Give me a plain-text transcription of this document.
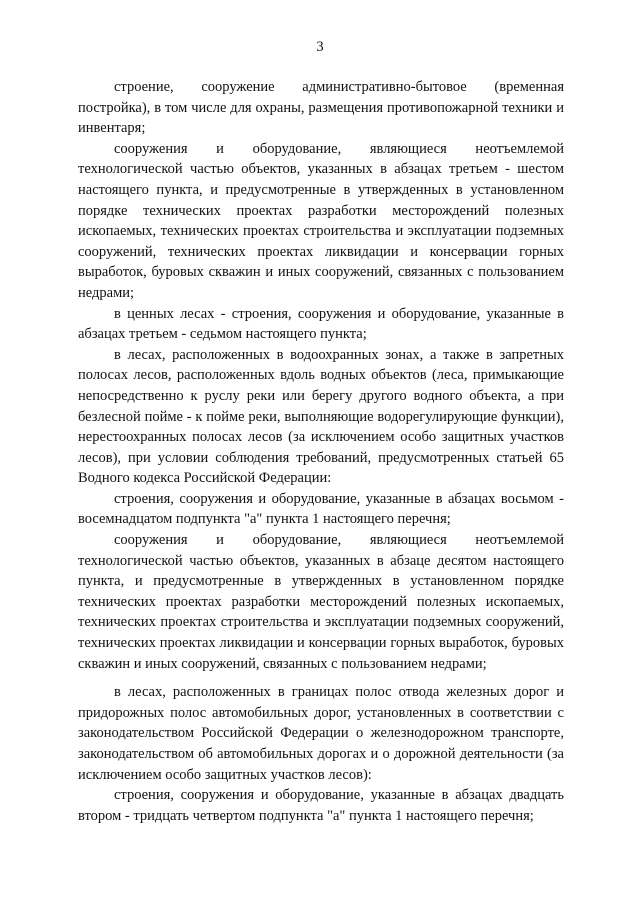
3

строение, сооружение административно-бытовое (временная постройка), в том числе для охраны, размещения противопожарной техники и инвентаря;

сооружения и оборудование, являющиеся неотъемлемой технологической частью объектов, указанных в абзацах третьем - шестом настоящего пункта, и предусмотренные в утвержденных в установленном порядке технических проектах разработки месторождений полезных ископаемых, технических проектах строительства и эксплуатации подземных сооружений, технических проектах ликвидации и консервации горных выработок, буровых скважин и иных сооружений, связанных с пользованием недрами;

в ценных лесах - строения, сооружения и оборудование, указанные в абзацах третьем - седьмом настоящего пункта;

в лесах, расположенных в водоохранных зонах, а также в запретных полосах лесов, расположенных вдоль водных объектов (леса, примыкающие непосредственно к руслу реки или берегу другого водного объекта, а при безлесной пойме - к пойме реки, выполняющие водорегулирующие функции), нерестоохранных полосах лесов (за исключением особо защитных участков лесов), при условии соблюдения требований, предусмотренных статьей 65 Водного кодекса Российской Федерации:

строения, сооружения и оборудование, указанные в абзацах восьмом - восемнадцатом подпункта "а" пункта 1 настоящего перечня;

сооружения и оборудование, являющиеся неотъемлемой технологической частью объектов, указанных в абзаце десятом настоящего пункта, и предусмотренные в утвержденных в установленном порядке технических проектах разработки месторождений полезных ископаемых, технических проектах строительства и эксплуатации подземных сооружений, технических проектах ликвидации и консервации горных выработок, буровых скважин и иных сооружений, связанных с пользованием недрами;

в лесах, расположенных в границах полос отвода железных дорог и придорожных полос автомобильных дорог, установленных в соответствии с законодательством Российской Федерации о железнодорожном транспорте, законодательством об автомобильных дорогах и о дорожной деятельности (за исключением особо защитных участков лесов):

строения, сооружения и оборудование, указанные в абзацах двадцать втором - тридцать четвертом подпункта "а" пункта 1 настоящего перечня;
